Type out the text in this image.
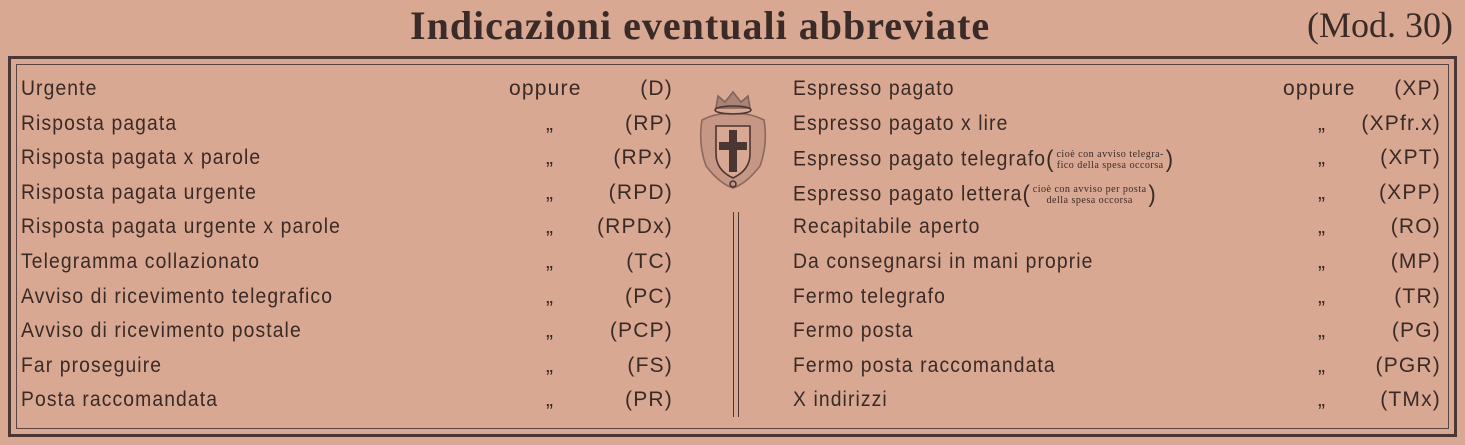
Indicazioni eventuali abbreviate	(Mod. 30)
Urgente	oppure	(D)
Risposta pagata	„	(RP)
Risposta pagata x parole	„	(RPx)
Risposta pagata urgente	„	(RPD)
Risposta pagata urgente x parole	„ (RPDx)
Telegramma collazionato	„	(TC)
Avviso di ricevimento telegrafico	„	(PC)
Avviso di ricevimento postale	„	(PCP)
Far proseguire	„	(FS)
Posta raccomandata	„	(PR)
Espresso pagato	oppure (XP)
Espresso pagato x lire	„ (XPfr.x)
Espresso pagato telegrafo( cioè con avviso telegra-
fico della spesa occorsa)	„	(XPT)
Espresso pagato lettera( cioè con avviso per posta
della spesa occorsa )	„	(XPP)
Recapitabile aperto	„	(RO)
Da consegnarsi in mani proprie	„	(MP)
Fermo telegrafo	„	(TR)
Fermo posta	„	(PG)
Fermo posta raccomandata	„ (PGR)
X indirizzi	„	(TMx)
